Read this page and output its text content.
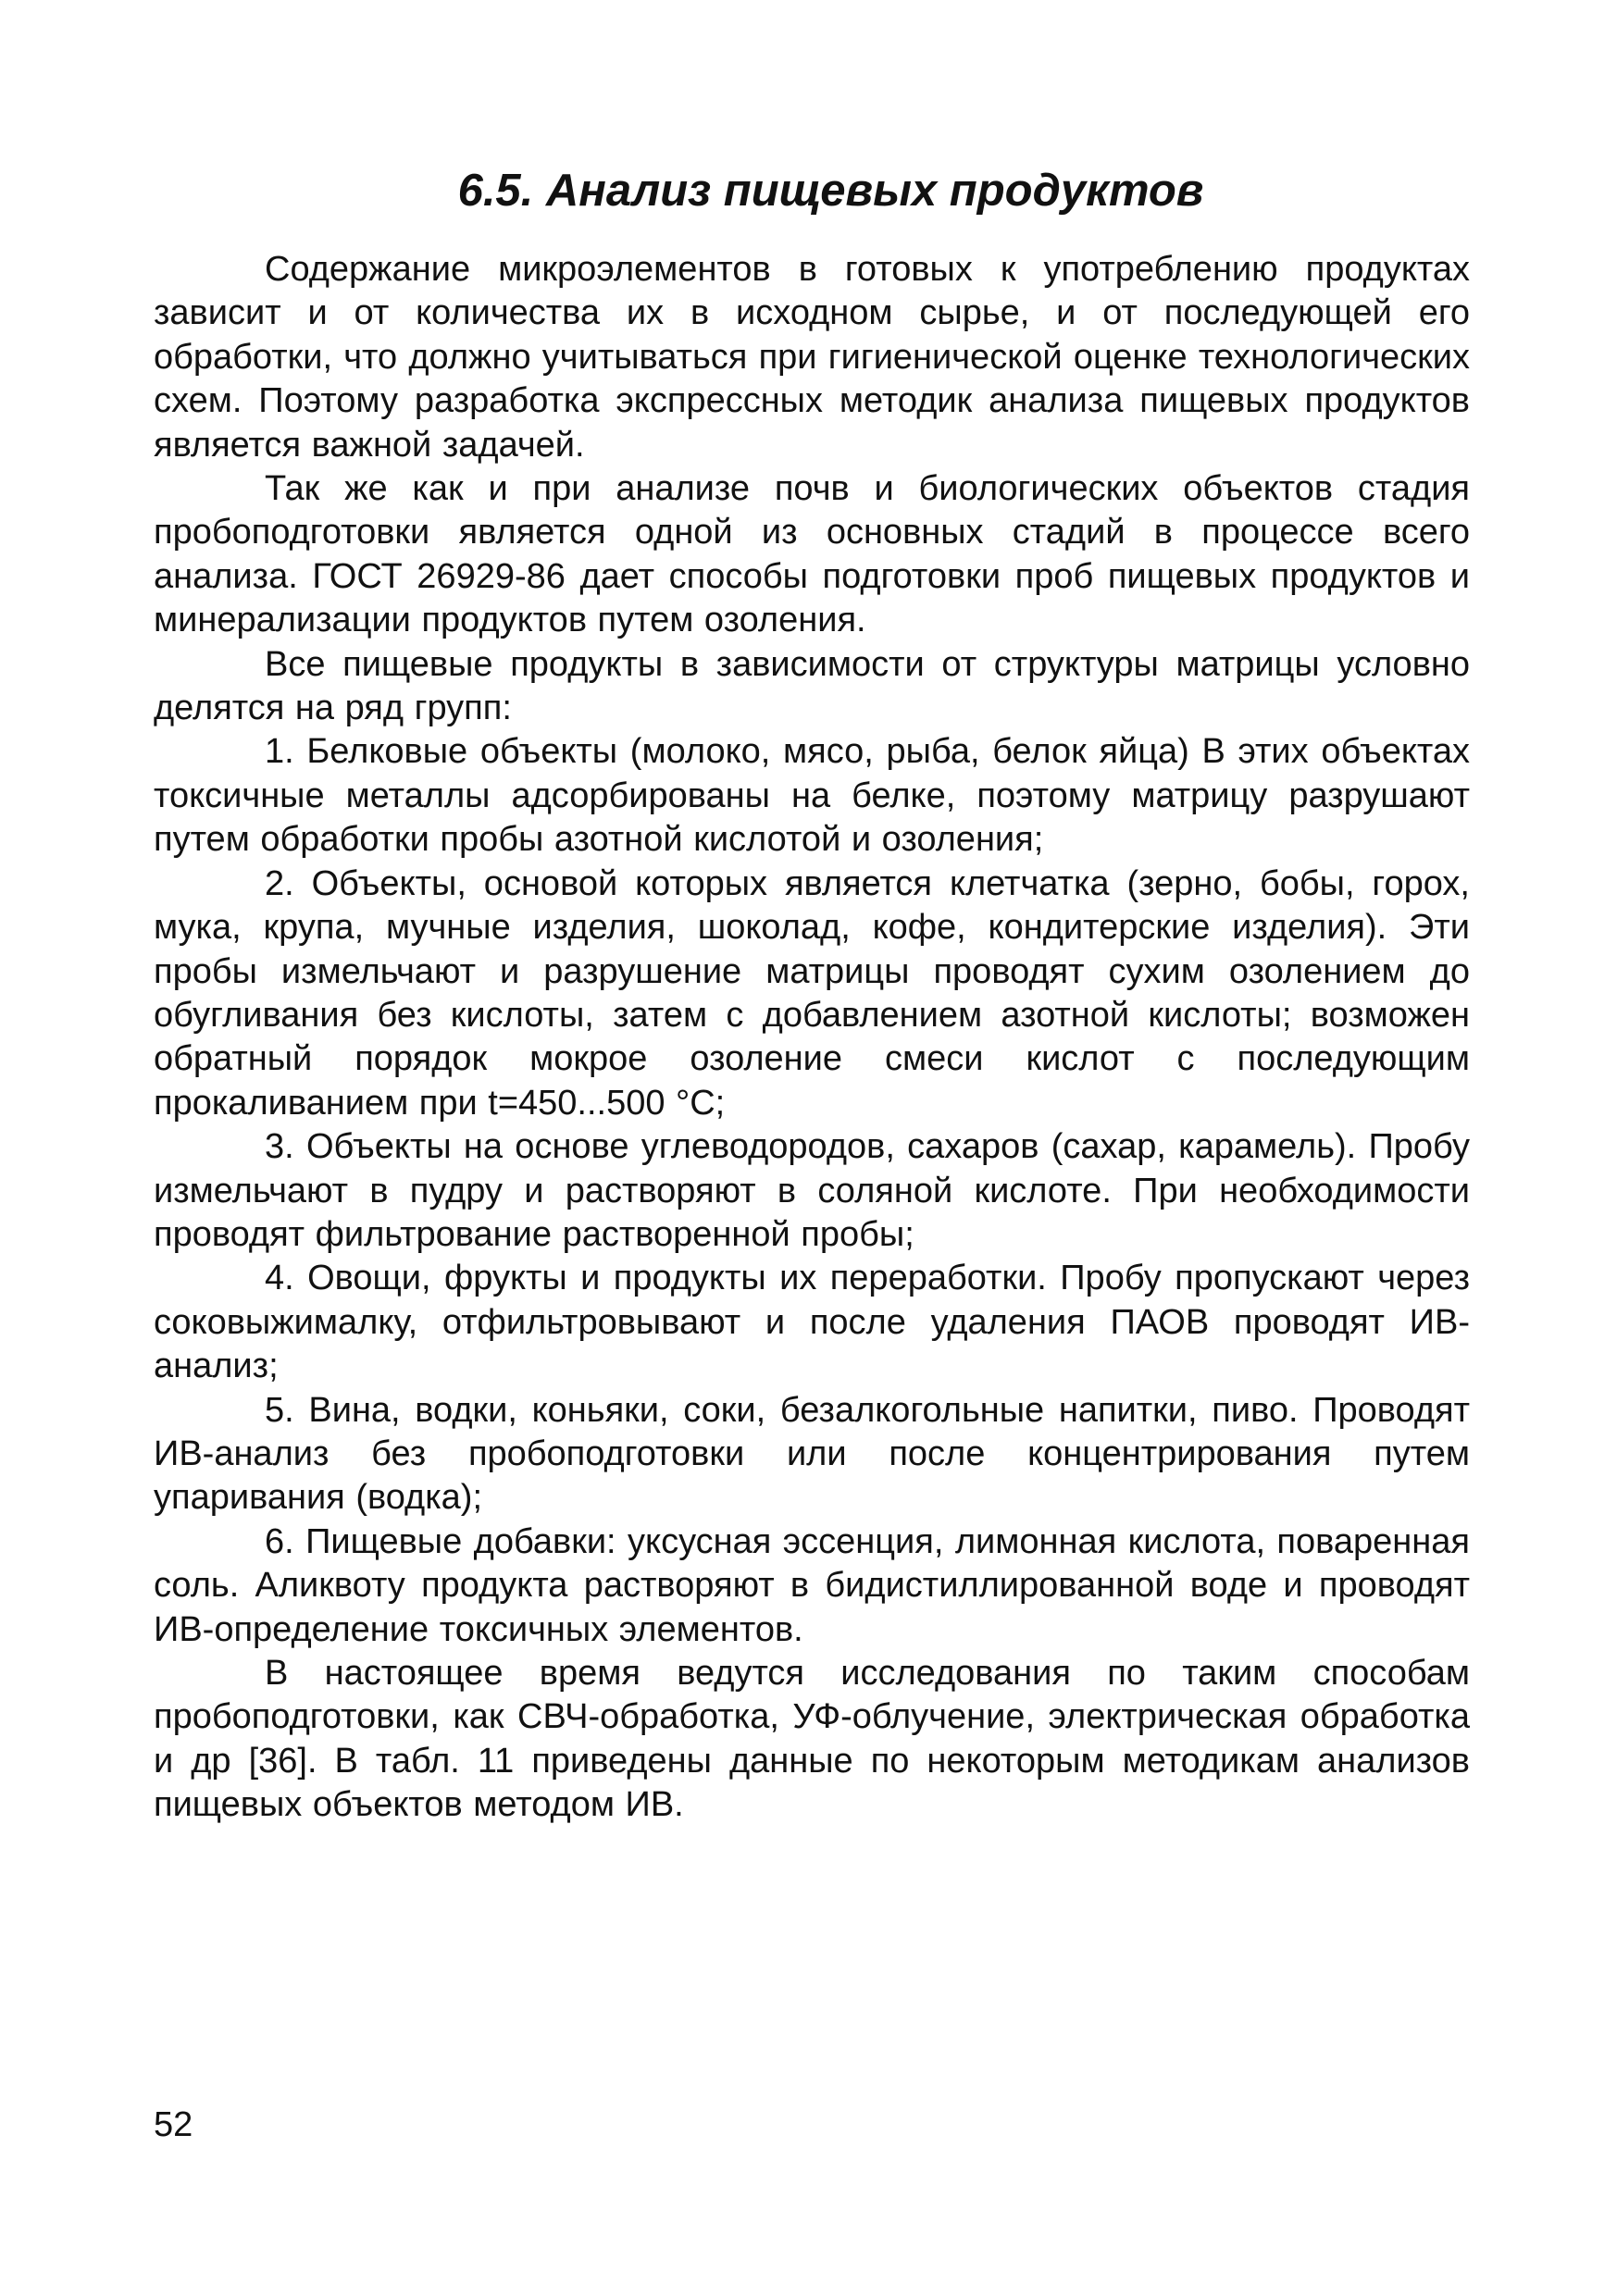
6.5. Анализ пищевых продуктов

Содержание микроэлементов в готовых к употреблению продуктах зависит и от количества их в исходном сырье, и от последующей его обработки, что должно учитываться при гигиенической оценке технологических схем. Поэтому разработка экспрессных методик анализа пищевых продуктов является важной задачей.

Так же как и при анализе почв и биологических объектов стадия пробоподготовки является одной из основных стадий в процессе всего анализа. ГОСТ 26929-86 дает способы подготовки проб пищевых продуктов и минерализации продуктов путем озоления.

Все пищевые продукты в зависимости от структуры матрицы условно делятся на ряд групп:

1. Белковые объекты (молоко, мясо, рыба, белок яйца) В этих объектах токсичные металлы адсорбированы на белке, поэтому матрицу разрушают путем обработки пробы азотной кислотой и озоления;

2. Объекты, основой которых является клетчатка (зерно, бобы, горох, мука, крупа, мучные изделия, шоколад, кофе, кондитерские изделия). Эти пробы измельчают и разрушение матрицы проводят сухим озолением до обугливания без кислоты, затем с добавлением азотной кислоты; возможен обратный порядок мокрое озоление смеси кислот с последующим прокаливанием при t=450...500 °С;

3. Объекты на основе углеводородов, сахаров (сахар, карамель). Пробу измельчают в пудру и растворяют в соляной кислоте. При необходимости проводят фильтрование растворенной пробы;

4. Овощи, фрукты и продукты их переработки. Пробу пропускают через соковыжималку, отфильтровывают и после удаления ПАОВ проводят ИВ-анализ;

5. Вина, водки, коньяки, соки, безалкогольные напитки, пиво. Проводят ИВ-анализ без пробоподготовки или после концентрирования путем упаривания (водка);

6. Пищевые добавки: уксусная эссенция, лимонная кислота, поваренная соль. Аликвоту продукта растворяют в бидистиллированной воде и проводят ИВ-определение токсичных элементов.

В настоящее время ведутся исследования по таким способам пробоподготовки, как СВЧ-обработка, УФ-облучение, электрическая обработка и др [36]. В табл. 11 приведены данные по некоторым методикам анализов пищевых объектов методом ИВ.

52
